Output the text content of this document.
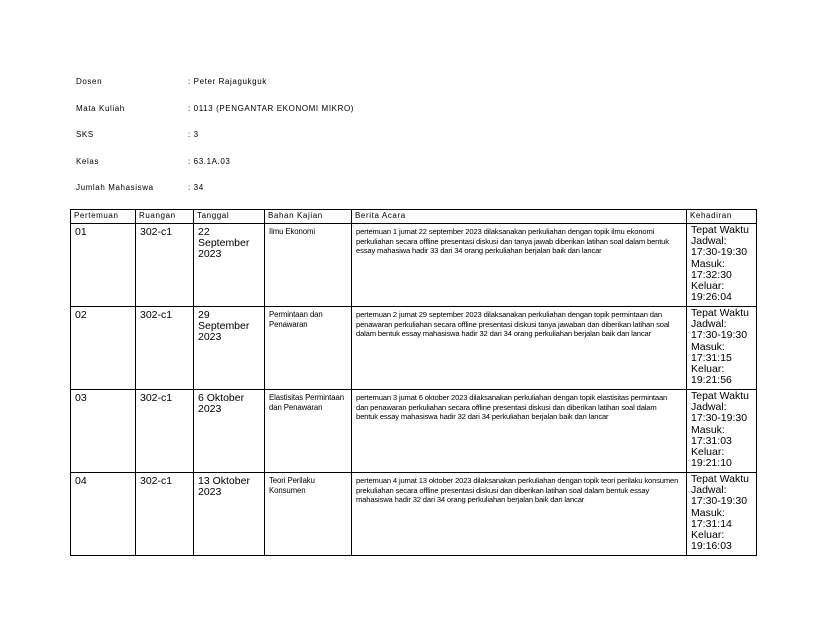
Dosen	: Peter Rajagukguk
Mata Kuliah	: 0113 (PENGANTAR EKONOMI MIKRO)
SKS	: 3
Kelas	: 63.1A.03
Jumlah Mahasiswa	: 34
Pertemuan	Ruangan	Tanggal	Bahan Kajian	Berita Acara	Kehadiran
01	302-c1	22 September 2023	Ilmu Ekonomi	pertemuan 1 jumat 22 september 2023 dilaksanakan perkuliahan dengan topik ilmu ekonomi perkuliahan secara offline presentasi diskusi dan tanya jawab diberikan latihan soal dalam bentuk essay mahasiwa hadir 33 dari 34 orang perkuliahan berjalan baik dan lancar	Tepat Waktu Jadwal: 17:30-19:30 Masuk: 17:32:30 Keluar: 19:26:04
02	302-c1	29 September 2023	Permintaan dan Penawaran	pertemuan 2 jumat 29 september 2023 dilaksanakan perkuliahan dengan topik permintaan dan penawaran perkuliahan secara offline presentasi diskusi tanya jawaban dan diberikan latihan soal dalam bentuk essay mahasiswa hadir 32 dari 34 orang perkuliahan berjalan baik dan lancar	Tepat Waktu Jadwal: 17:30-19:30 Masuk: 17:31:15 Keluar: 19:21:56
03	302-c1	6 Oktober 2023	Elastisitas Permintaan dan Penawaran	pertemuan 3 jumat 6 oktober 2023 dilaksanakan perkuliahan dengan topik elastisitas permintaan dan penawaran perkuliahan secara offline presentasi diskusi dan diberikan latihan soal dalam bentuk essay mahasiswa hadir 32 dari 34 perkuliahan berjalan baik dan lancar	Tepat Waktu Jadwal: 17:30-19:30 Masuk: 17:31:03 Keluar: 19:21:10
04	302-c1	13 Oktober 2023	Teori Perilaku Konsumen	pertemuan 4 jumat 13 oktober 2023 dilaksanakan perkuliahan dengan topik teori perilaku konsumen prekuliahan secara offline presentasi diskusi dan diberikan latihan soal dalam bentuk essay mahasiswa hadir 32 dari 34 orang perkuliahan berjalan baik dan lancar	Tepat Waktu Jadwal: 17:30-19:30 Masuk: 17:31:14 Keluar: 19:16:03
